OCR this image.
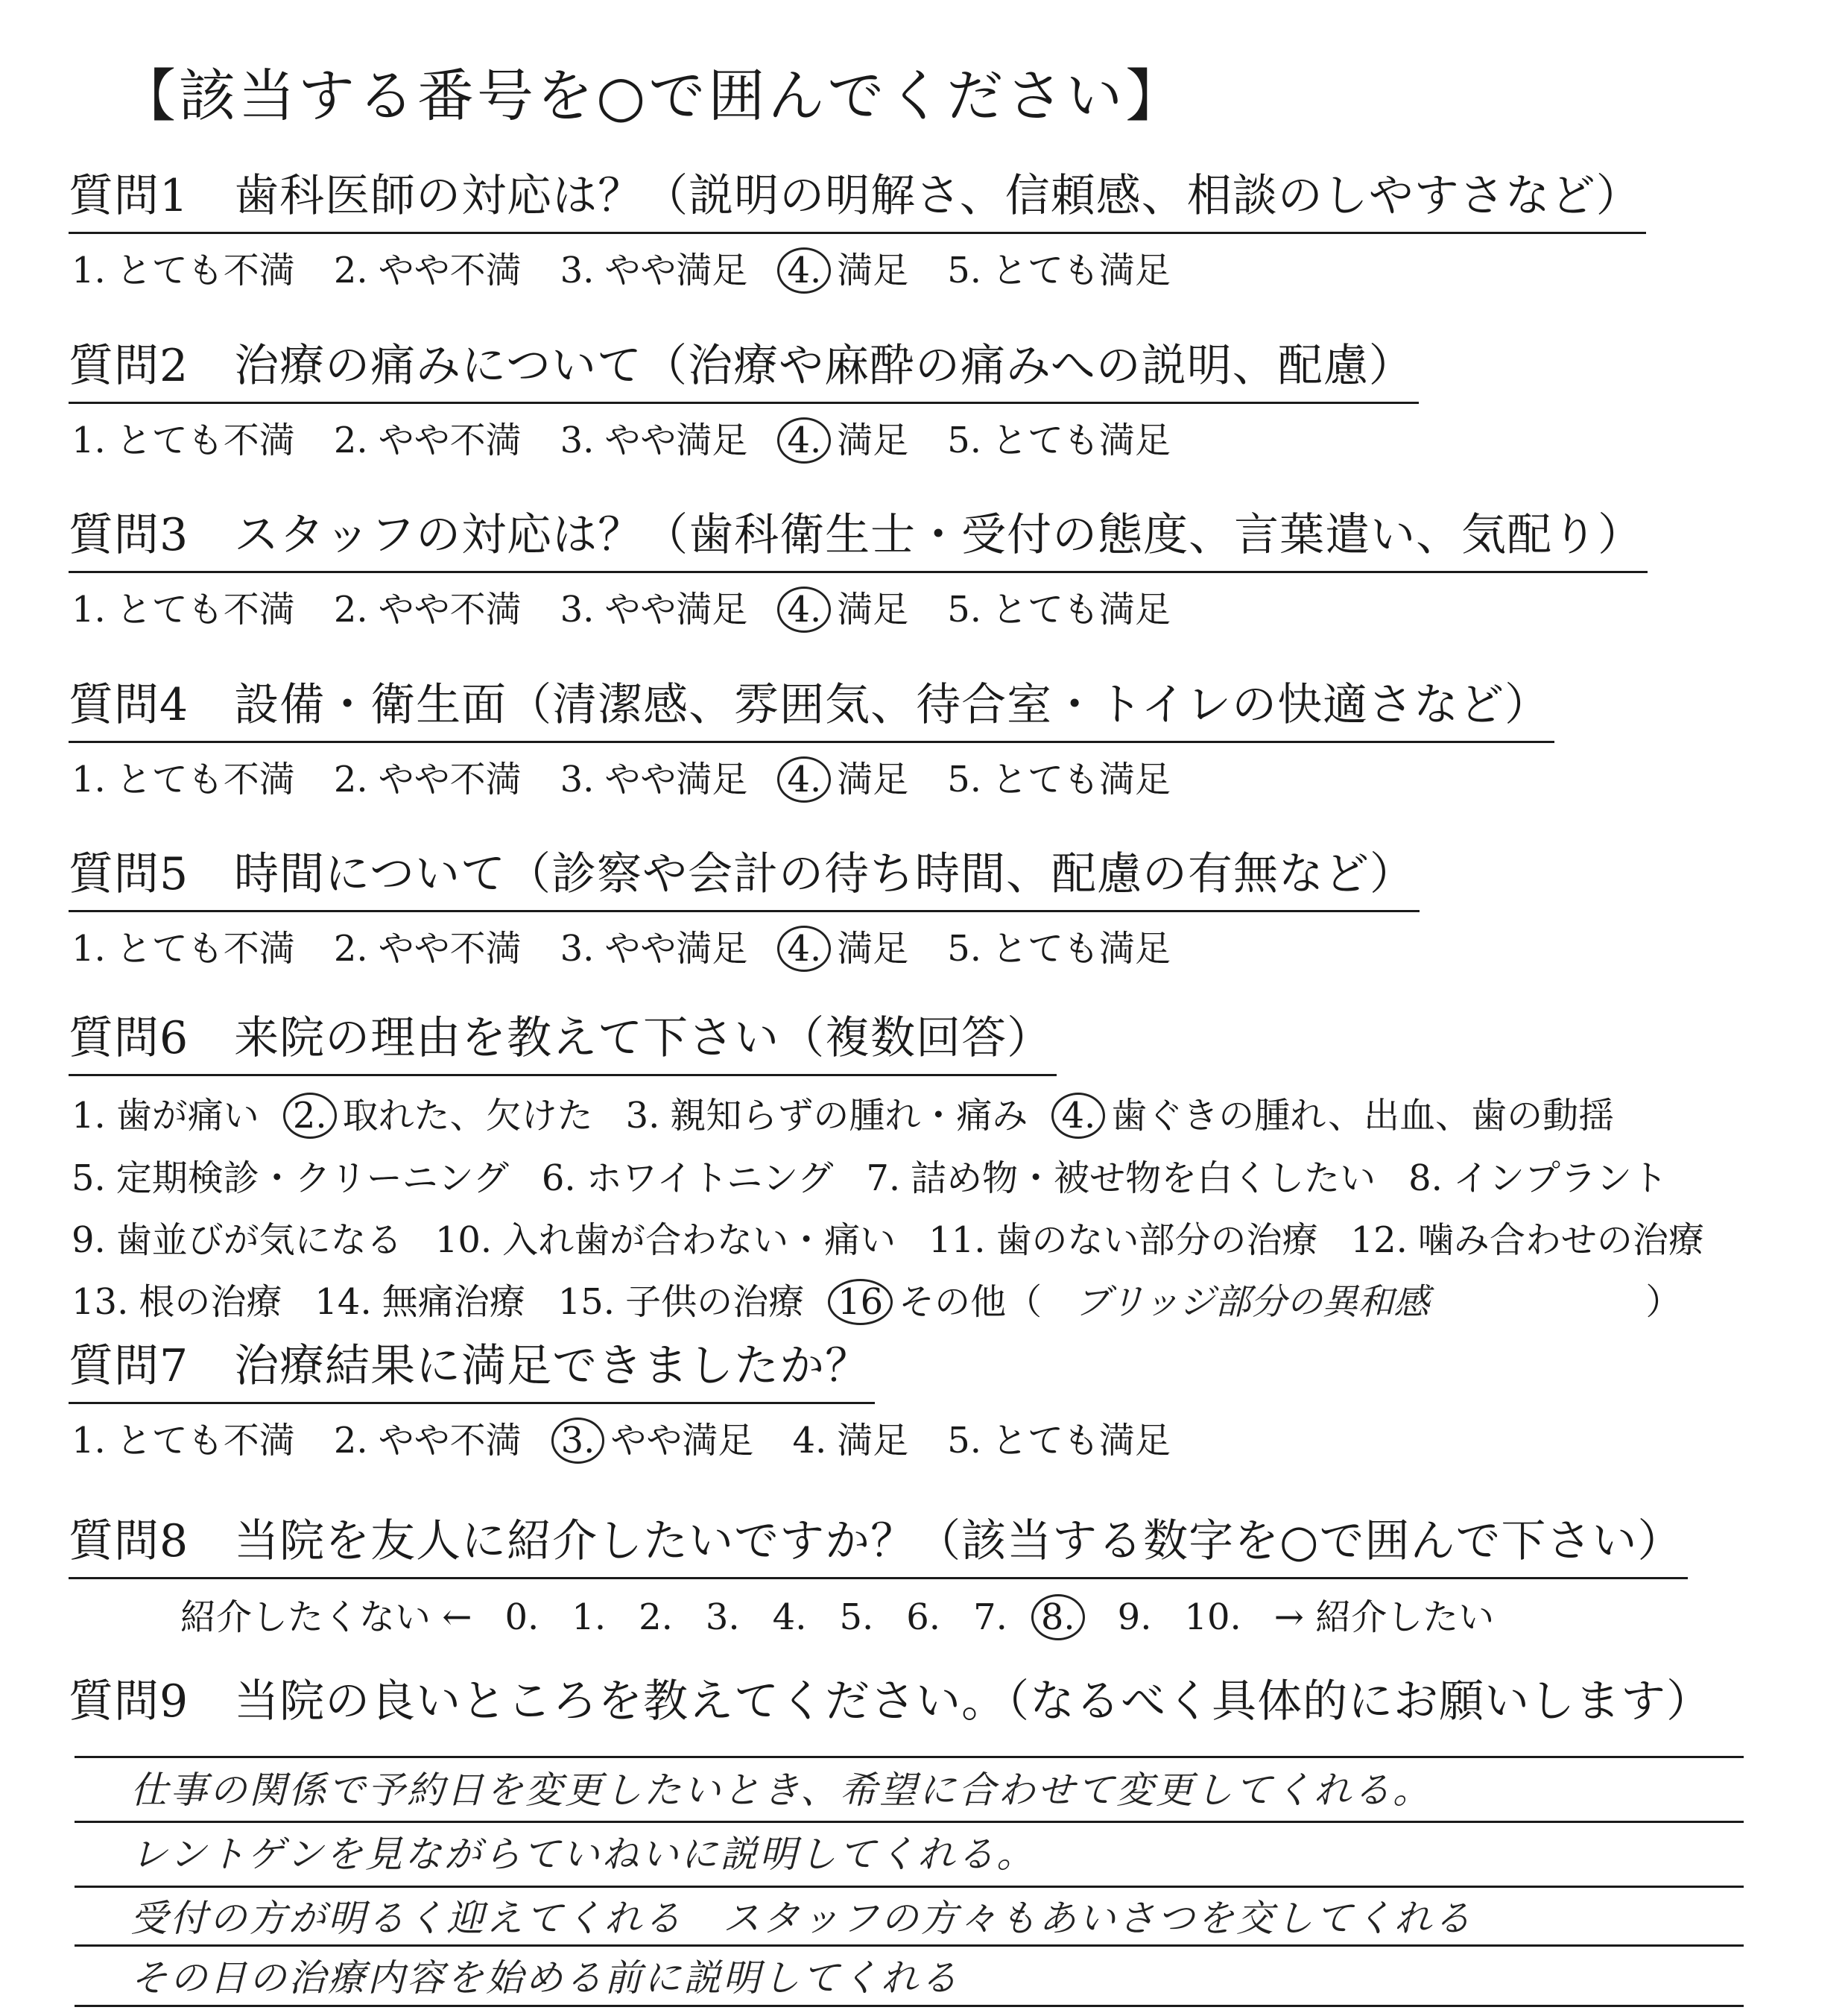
【該当する番号を○で囲んでください】
質問1　歯科医師の対応は？（説明の明解さ、信頼感、相談のしやすさなど）
1. とても不満 2. やや不満 3. やや満足 4. 満足 5. とても満足
質問2　治療の痛みについて（治療や麻酔の痛みへの説明、配慮）
1. とても不満 2. やや不満 3. やや満足 4. 満足 5. とても満足
質問3　スタッフの対応は？（歯科衛生士・受付の態度、言葉遣い、気配り）
1. とても不満 2. やや不満 3. やや満足 4. 満足 5. とても満足
質問4　設備・衛生面（清潔感、雰囲気、待合室・トイレの快適さなど）
1. とても不満 2. やや不満 3. やや満足 4. 満足 5. とても満足
質問5　時間について（診察や会計の待ち時間、配慮の有無など）
1. とても不満 2. やや不満 3. やや満足 4. 満足 5. とても満足
質問6　来院の理由を教えて下さい（複数回答）
1. 歯が痛い 2. 取れた、欠けた 3. 親知らずの腫れ・痛み 4. 歯ぐきの腫れ、出血、歯の動揺
5. 定期検診・クリーニング 6. ホワイトニング 7. 詰め物・被せ物を白くしたい 8. インプラント
9. 歯並びが気になる 10. 入れ歯が合わない・痛い 11. 歯のない部分の治療 12. 噛み合わせの治療
13. 根の治療 14. 無痛治療 15. 子供の治療 16 その他（ ブリッジ部分の異和感	）
質問7　治療結果に満足できましたか？
1. とても不満 2. やや不満 3. やや満足 4. 満足 5. とても満足
質問8　当院を友人に紹介したいですか？（該当する数字を○で囲んで下さい）
紹介したくない ← 0. 1. 2. 3. 4. 5. 6. 7. 8. 9. 10. → 紹介したい
質問9　当院の良いところを教えてください。（なるべく具体的にお願いします）
仕事の関係で予約日を変更したいとき、希望に合わせて変更してくれる。
レントゲンを見ながらていねいに説明してくれる。
受付の方が明るく迎えてくれる　スタッフの方々もあいさつを交してくれる
その日の治療内容を始める前に説明してくれる
